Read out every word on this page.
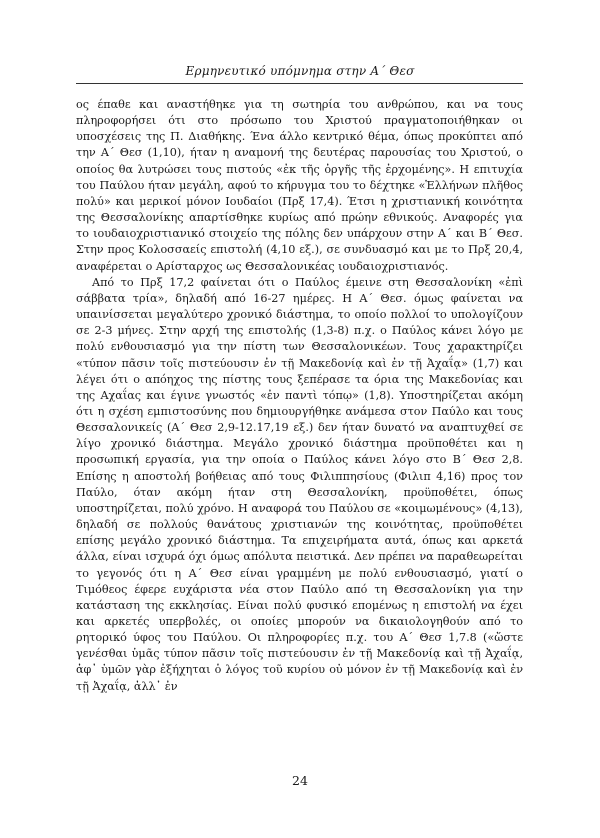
Ερμηνευτικό υπόμνημα στην Α΄ Θεσ

ος έπαθε και αναστήθηκε για τη σωτηρία του ανθρώπου, και να τους πληροφορήσει ότι στο πρόσωπο του Χριστού πραγματοποιήθηκαν οι υποσχέσεις της Π. Διαθήκης. Ένα άλλο κεντρικό θέμα, όπως προκύπτει από την Α΄ Θεσ (1,10), ήταν η αναμονή της δευτέρας παρουσίας του Χριστού, ο οποίος θα λυτρώσει τους πιστούς «ἐκ τῆς ὀργῆς τῆς ἐρχομένης». Η επιτυχία του Παύλου ήταν μεγάλη, αφού το κήρυγμα του το δέχτηκε «Ἑλλήνων πλῆθος πολύ» και μερικοί μόνον Ιουδαίοι (Πρξ 17,4). Έτσι η χριστιανική κοινότητα της Θεσσαλονίκης απαρτίσθηκε κυρίως από πρώην εθνικούς. Αναφορές για το ιουδαιοχριστιανικό στοιχείο της πόλης δεν υπάρχουν στην Α΄ και Β΄ Θεσ. Στην προς Κολοσσαείς επιστολή (4,10 εξ.), σε συνδυασμό και με το Πρξ 20,4, αναφέρεται ο Αρίσταρχος ως Θεσσαλονικέας ιουδαιοχριστιανός.

Από το Πρξ 17,2 φαίνεται ότι ο Παύλος έμεινε στη Θεσσαλονίκη «ἐπὶ σάββατα τρία», δηλαδή από 16-27 ημέρες. Η Α΄ Θεσ. όμως φαίνεται να υπαινίσσεται μεγαλύτερο χρονικό διάστημα, το οποίο πολλοί το υπολογίζουν σε 2-3 μήνες. Στην αρχή της επιστολής (1,3-8) π.χ. ο Παύλος κάνει λόγο με πολύ ενθουσιασμό για την πίστη των Θεσσαλονικέων. Τους χαρακτηρίζει «τύπον πᾶσιν τοῖς πιστεύουσιν ἐν τῇ Μακεδονίᾳ καὶ ἐν τῇ Ἀχαΐᾳ» (1,7) και λέγει ότι ο απόηχος της πίστης τους ξεπέρασε τα όρια της Μακεδονίας και της Αχαΐας και έγινε γνωστός «ἐν παντὶ τόπῳ» (1,8). Υποστηρίζεται ακόμη ότι η σχέση εμπιστοσύνης που δημιουργήθηκε ανάμεσα στον Παύλο και τους Θεσσαλονικείς (Α΄ Θεσ 2,9-12.17,19 εξ.) δεν ήταν δυνατό να αναπτυχθεί σε λίγο χρονικό διάστημα. Μεγάλο χρονικό διάστημα προϋποθέτει και η προσωπική εργασία, για την οποία ο Παύλος κάνει λόγο στο Β΄ Θεσ 2,8. Επίσης η αποστολή βοήθειας από τους Φιλιππησίους (Φιλιπ 4,16) προς τον Παύλο, όταν ακόμη ήταν στη Θεσσαλονίκη, προϋποθέτει, όπως υποστηρίζεται, πολύ χρόνο. Η αναφορά του Παύλου σε «κοιμωμένους» (4,13), δηλαδή σε πολλούς θανάτους χριστιανών της κοινότητας, προϋποθέτει επίσης μεγάλο χρονικό διάστημα. Τα επιχειρήματα αυτά, όπως και αρκετά άλλα, είναι ισχυρά όχι όμως απόλυτα πειστικά. Δεν πρέπει να παραθεωρείται το γεγονός ότι η Α΄ Θεσ είναι γραμμένη με πολύ ενθουσιασμό, γιατί ο Τιμόθεος έφερε ευχάριστα νέα στον Παύλο από τη Θεσσαλονίκη για την κατάσταση της εκκλησίας. Είναι πολύ φυσικό επομένως η επιστολή να έχει και αρκετές υπερβολές, οι οποίες μπορούν να δικαιολογηθούν από το ρητορικό ύφος του Παύλου. Οι πληροφορίες π.χ. του Α΄ Θεσ 1,7.8 («ὥστε γενέσθαι ὑμᾶς τύπον πᾶσιν τοῖς πιστεύουσιν ἐν τῇ Μακεδονίᾳ καὶ τῇ Ἀχαΐᾳ, ἀφ᾽ ὑμῶν γὰρ ἐξήχηται ὁ λόγος τοῦ κυρίου οὐ μόνον ἐν τῇ Μακεδονίᾳ καὶ ἐν τῇ Ἀχαΐᾳ, ἀλλ᾽ ἐν

24
